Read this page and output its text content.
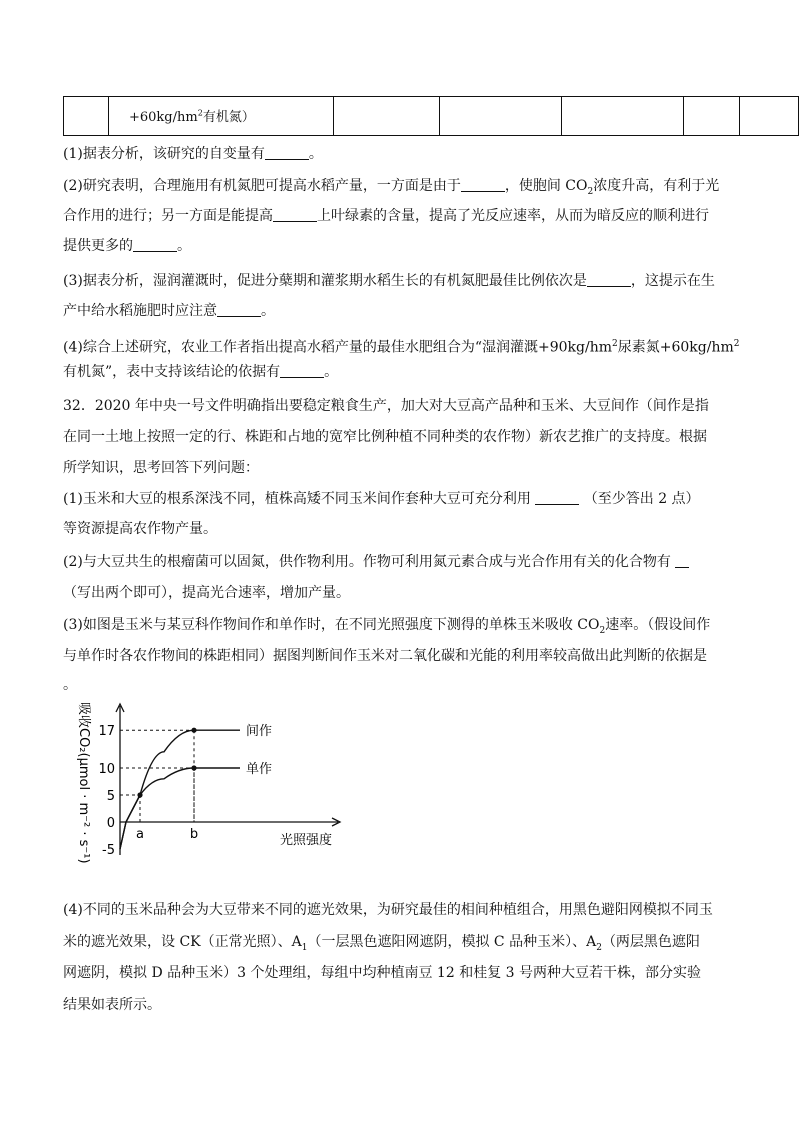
$+60kg/hm^2$有机氮）

(1)据表分析，该研究的自变量有	。

(2)研究表明，合理施用有机氮肥可提高水稻产量，一方面是由于	，使胞间 $CO_2$浓度升高，有利于光

合作用的进行；另一方面是能提高	上叶绿素的含量，提高了光反应速率，从而为暗反应的顺利进行

提供更多的	。

(3)据表分析，湿润灌溉时，促进分蘖期和灌浆期水稻生长的有机氮肥最佳比例依次是	，这提示在生

产中给水稻施肥时应注意	。

(4)综合上述研究，农业工作者指出提高水稻产量的最佳水肥组合为“湿润灌溉$+90kg/hm^2$尿素氮$+60kg/hm^2$

有机氮”，表中支持该结论的依据有	。

32．2020 年中央一号文件明确指出要稳定粮食生产，加大对大豆高产品种和玉米、大豆间作（间作是指

在同一土地上按照一定的行、株距和占地的宽窄比例种植不同种类的农作物）新农艺推广的支持度。根据

所学知识，思考回答下列问题：

(1)玉米和大豆的根系深浅不同，植株高矮不同玉米间作套种大豆可充分利用	（至少答出 2 点）

等资源提高农作物产量。

(2)与大豆共生的根瘤菌可以固氮，供作物利用。作物可利用氮元素合成与光合作用有关的化合物有

（写出两个即可），提高光合速率，增加产量。

(3)如图是玉米与某豆科作物间作和单作时，在不同光照强度下测得的单株玉米吸收 $CO_2$速率。（假设间作

与单作时各农作物间的株距相同）据图判断间作玉米对二氧化碳和光能的利用率较高做出此判断的依据是

。

吸收CO₂(μmol · m⁻² · s⁻¹)	光照强度
17
10
5
0
-5
a	b
间作
单作

(4)不同的玉米品种会为大豆带来不同的遮光效果，为研究最佳的相间种植组合，用黑色避阳网模拟不同玉

米的遮光效果，设 CK（正常光照）、$A_1$（一层黑色遮阳网遮阴，模拟 C 品种玉米）、$A_2$（两层黑色遮阳

网遮阴，模拟 D 品种玉米）3 个处理组，每组中均种植南豆 12 和桂复 3 号两种大豆若干株，部分实验

结果如表所示。
